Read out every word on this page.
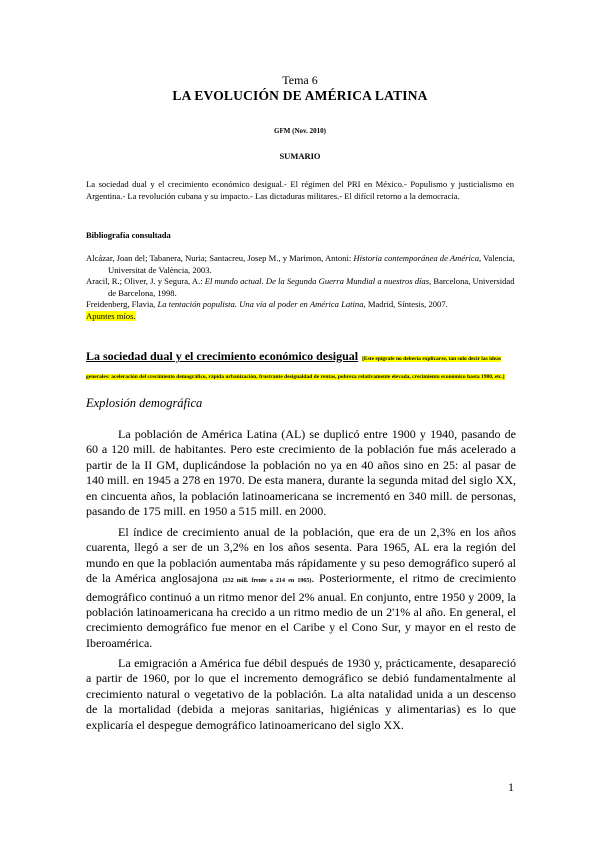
Tema 6
LA EVOLUCIÓN DE AMÉRICA LATINA
GFM (Nov. 2010)
SUMARIO
La sociedad dual y el crecimiento económico desigual.- El régimen del PRI en México.- Populismo y justicialismo en Argentina.- La revolución cubana y su impacto.- Las dictaduras militares.- El difícil retorno a la democracia.
Bibliografía consultada

Alcázar, Joan del; Tabanera, Nuria; Santacreu, Josep M., y Marimon, Antoni: Historia contemporánea de América, Valencia, Universitat de València, 2003.

Aracil, R.; Oliver, J. y Segura, A.: El mundo actual. De la Segunda Guerra Mundial a nuestros días, Barcelona, Universidad de Barcelona, 1998.

Freidenberg, Flavia, La tentación populista. Una vía al poder en América Latina, Madrid, Síntesis, 2007.

Apuntes míos.

La sociedad dual y el crecimiento económico desigual [Este epígrafe no debería explicarse, tan solo decir las ideas generales: aceleración del crecimiento demográfico, rápida urbanización, frustrante desigualdad de rentas, pobreza relativamente elevada, crecimiento económico hasta 1980, etc.]
Explosión demográfica

La población de América Latina (AL) se duplicó entre 1900 y 1940, pasando de 60 a 120 mill. de habitantes. Pero este crecimiento de la población fue más acelerado a partir de la II GM, duplicándose la población no ya en 40 años sino en 25: al pasar de 140 mill. en 1945 a 278 en 1970. De esta manera, durante la segunda mitad del siglo XX, en cincuenta años, la población latinoamericana se incrementó en 340 mill. de personas, pasando de 175 mill. en 1950 a 515 mill. en 2000.

El índice de crecimiento anual de la población, que era de un 2,3% en los años cuarenta, llegó a ser de un 3,2% en los años sesenta. Para 1965, AL era la región del mundo en que la población aumentaba más rápidamente y su peso demográfico superó al de la América anglosajona (232 mill. frente a 214 en 1965). Posteriormente, el ritmo de crecimiento demográfico continuó a un ritmo menor del 2% anual. En conjunto, entre 1950 y 2009, la población latinoamericana ha crecido a un ritmo medio de un 2'1% al año. En general, el crecimiento demográfico fue menor en el Caribe y el Cono Sur, y mayor en el resto de Iberoamérica.

La emigración a América fue débil después de 1930 y, prácticamente, desapareció a partir de 1960, por lo que el incremento demográfico se debió fundamentalmente al crecimiento natural o vegetativo de la población. La alta natalidad unida a un descenso de la mortalidad (debida a mejoras sanitarias, higiénicas y alimentarias) es lo que explicaría el despegue demográfico latinoamericano del siglo XX.

1
